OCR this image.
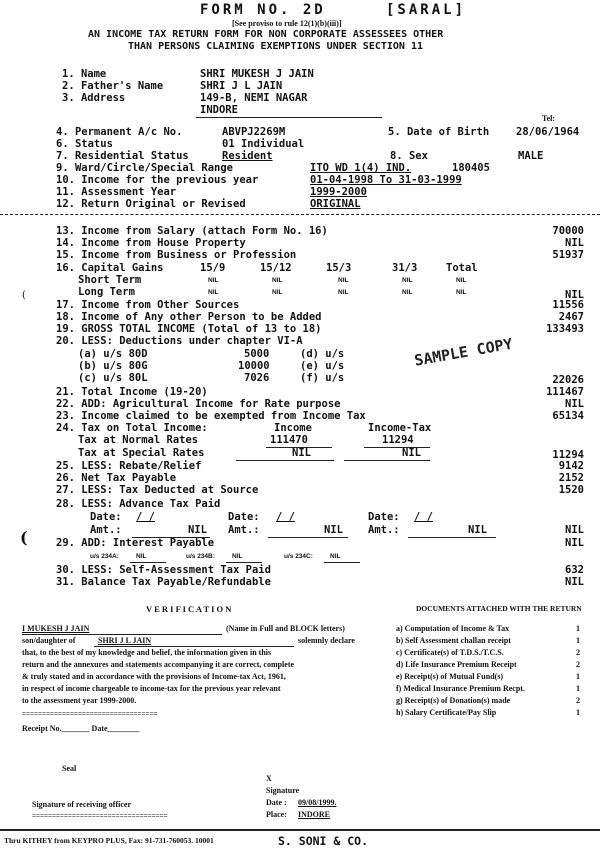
FORM NO. 2D	[SARAL]
[See proviso to rule 12(1)(b)(iii)]
AN INCOME TAX RETURN FORM FOR NON CORPORATE ASSESSEES OTHER
THAN PERSONS CLAIMING EXEMPTIONS UNDER SECTION 11
1. Name	SHRI MUKESH J JAIN
2. Father's Name	SHRI J L JAIN
3. Address	149-B, NEMI NAGAR
INDORE
Tel:
4. Permanent A/c No.	ABVPJ2269M	5. Date of Birth	28/06/1964
6. Status	01 Individual
7. Residential Status	Resident	8. Sex	MALE
9. Ward/Circle/Special Range	ITO WD 1(4) IND.	180405
10. Income for the previous year	01-04-1998 To 31-03-1999
11. Assessment Year	1999-2000
12. Return Original or Revised	ORIGINAL
13. Income from Salary (attach Form No. 16)	70000
14. Income from House Property	NIL
15. Income from Business or Profession	51937
16. Capital Gains	15/9	15/12	15/3	31/3	Total
Short Term	NIL	NIL	NIL	NIL	NIL
Long Term	NIL	NIL	NIL	NIL	NIL	NIL
17. Income from Other Sources	11556
18. Income of Any other Person to be Added	2467
19. GROSS TOTAL INCOME (Total of 13 to 18)	133493
20. LESS: Deductions under chapter VI-A
(a) u/s 80D	5000	(d) u/s
(b) u/s 80G	10000	(e) u/s
(c) u/s 80L	7026	(f) u/s	22026
SAMPLE COPY
21. Total Income (19-20)	111467
22. ADD: Agricultural Income for Rate purpose	NIL
23. Income claimed to be exempted from Income Tax	65134
24. Tax on Total Income:	Income	Income-Tax
Tax at Normal Rates	111470	11294
Tax at Special Rates	NIL	NIL	11294
25. LESS: Rebate/Relief	9142
26. Net Tax Payable	2152
27. LESS: Tax Deducted at Source	1520
28. LESS: Advance Tax Paid
Date: / /	Date: / /	Date: / /
Amt.:	NIL Amt.:	NIL Amt.:	NIL	NIL
(
(
29. ADD: Interest Payable	NIL
u/s 234A:	NIL	u/s 234B:	NIL	u/s 234C:	NIL
30. LESS: Self-Assessment Tax Paid	632
31. Balance Tax Payable/Refundable	NIL
V E R I F I C A T I O N
I MUKESH J JAIN	(Name in Full and BLOCK letters)
son/daughter of	SHRI J L JAIN	solemnly declare
that, to the best of my knowledge and belief, the information given in this
return and the annexures and statements accompanying it are correct, complete
& truly stated and in accordance with the provisions of Income-tax Act, 1961,
in respect of income chargeable to income-tax for the previous year relevant
to the assessment year 1999-2000.
==================================
Receipt No._______ Date________
DOCUMENTS ATTACHED WITH THE RETURN
a) Computation of Income & Tax	1
b) Self Assessment challan receipt	1
c) Certificate(s) of T.D.S./T.C.S.	2
d) Life Insurance Premium Receipt	2
e) Receipt(s) of Mutual Fund(s)	1
f) Medical Insurance Premium Recpt.	1
g) Receipt(s) of Donation(s) made	2
h) Salary Certificate/Pay Slip	1
Seal
X
Signature
Date : 09/08/1999.
Place: INDORE
Signature of receiving officer
==================================
Thru KITHEY from KEYPRO PLUS, Fax: 91-731-760053. 10001	S. SONI & CO.
